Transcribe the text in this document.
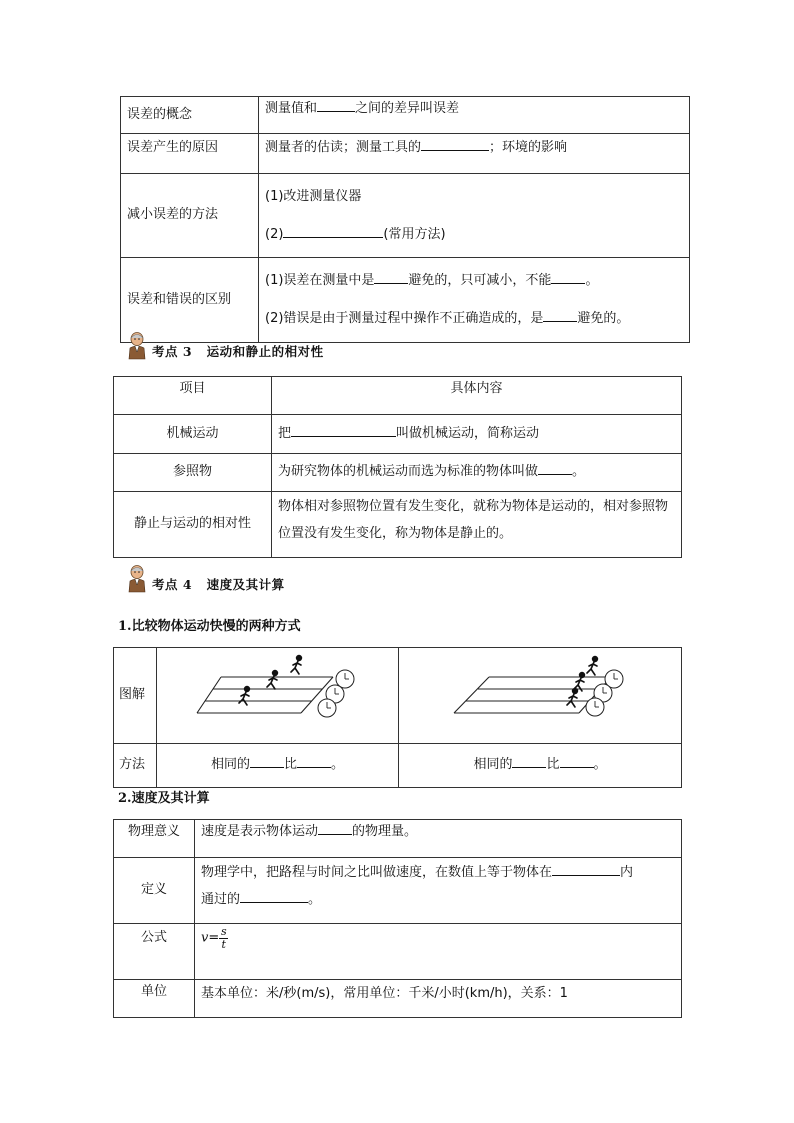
误差的概念	测量值和 之间的差异叫误差
误差产生的原因	测量者的估读；测量工具的 ；环境的影响
减小误差的方法	(1)改进测量仪器
(2) (常用方法)

误差和错误的区别	(1)误差在测量中是 避免的，只可减小，不能 。
(2)错误是由于测量过程中操作不正确造成的，是 避免的。
考点 3 运动和静止的相对性
项目	具体内容
机械运动	把 叫做机械运动，简称运动
参照物	为研究物体的机械运动而选为标准的物体叫做 。
静止与运动的相对性	物体相对参照物位置有发生变化，就称为物体是运动的，相对参照物位置没有发生变化，称为物体是静止的。
考点 4 速度及其计算
1.比较物体运动快慢的两种方式
图解		
方法	相同的 比 。	相同的 比 。
2.速度及其计算
物理意义	速度是表示物体运动 的物理量。
定义	物理学中，把路程与时间之比叫做速度，在数值上等于物体在 内
通过的 。

公式	$v= \frac{s}{t}$

单位	基本单位：米/秒(m/s)，常用单位：千米/小时(km/h)，关系：1
